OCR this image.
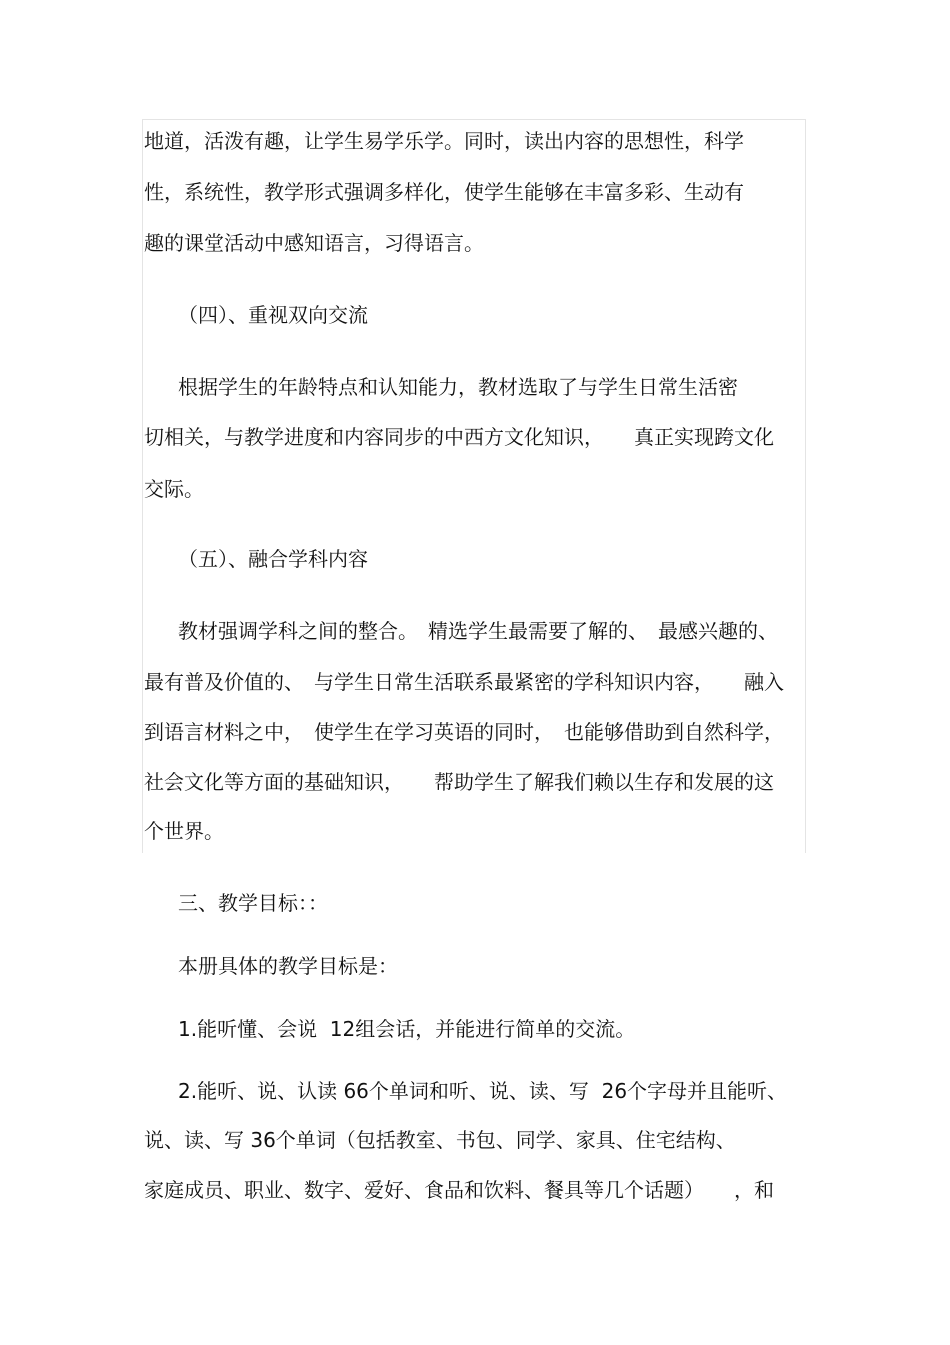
地道，活泼有趣，让学生易学乐学。同时，读出内容的思想性，科学
性，系统性，教学形式强调多样化，使学生能够在丰富多彩、生动有
趣的课堂活动中感知语言，习得语言。
（四）、重视双向交流
根据学生的年龄特点和认知能力，教材选取了与学生日常生活密
切相关，与教学进度和内容同步的中西方文化知识，　　真正实现跨文化
交际。
（五）、融合学科内容
教材强调学科之间的整合。　精选学生最需要了解的、　最感兴趣的、
最有普及价值的、　与学生日常生活联系最紧密的学科知识内容，　　融入
到语言材料之中，　使学生在学习英语的同时，　也能够借助到自然科学，
社会文化等方面的基础知识，　　帮助学生了解我们赖以生存和发展的这
个世界。
三、教学目标：：
本册具体的教学目标是：
1.能听懂、会说  12组会话，并能进行简单的交流。
2.能听、说、认读 66个单词和听、说、读、写  26个字母并且能听、
说、读、写 36个单词（包括教室、书包、同学、家具、住宅结构、
家庭成员、职业、数字、爱好、食品和饮料、餐具等几个话题）　　，和
